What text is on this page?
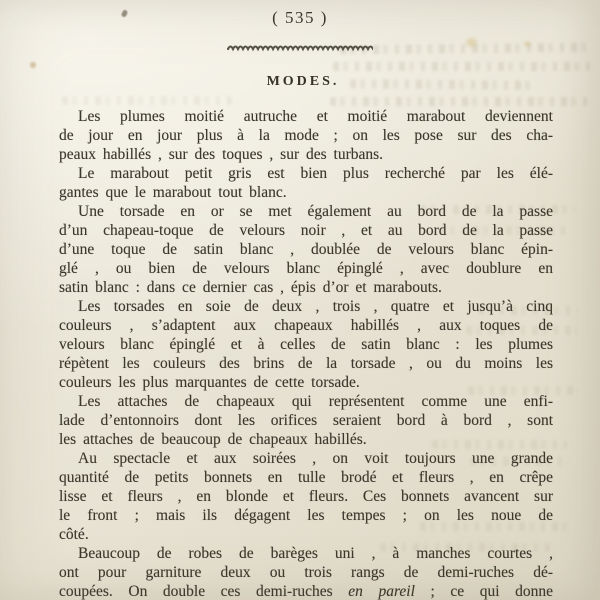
( 535 )
MODES.
Les plumes moitié autruche et moitié marabout deviennent
de jour en jour plus à la mode ; on les pose sur des cha-
peaux habillés , sur des toques , sur des turbans.
Le marabout petit gris est bien plus recherché par les élé-
gantes que le marabout tout blanc.
Une torsade en or se met également au bord de la passe
d’un chapeau-toque de velours noir , et au bord de la passe
d’une toque de satin blanc , doublée de velours blanc épin-
glé , ou bien de velours blanc épinglé , avec doublure en
satin blanc : dans ce dernier cas , épis d’or et marabouts.
Les torsades en soie de deux , trois , quatre et jusqu’à cinq
couleurs , s’adaptent aux chapeaux habillés , aux toques de
velours blanc épinglé et à celles de satin blanc : les plumes
répètent les couleurs des brins de la torsade , ou du moins les
couleurs les plus marquantes de cette torsade.
Les attaches de chapeaux qui représentent comme une enfi-
lade d’entonnoirs dont les orifices seraient bord à bord , sont
les attaches de beaucoup de chapeaux habillés.
Au spectacle et aux soirées , on voit toujours une grande
quantité de petits bonnets en tulle brodé et fleurs , en crêpe
lisse et fleurs , en blonde et fleurs. Ces bonnets avancent sur
le front ; mais ils dégagent les tempes ; on les noue de
côté.
Beaucoup de robes de barèges uni , à manches courtes ,
ont pour garniture deux ou trois rangs de demi-ruches dé-
coupées. On double ces demi-ruches en pareil ; ce qui donne
